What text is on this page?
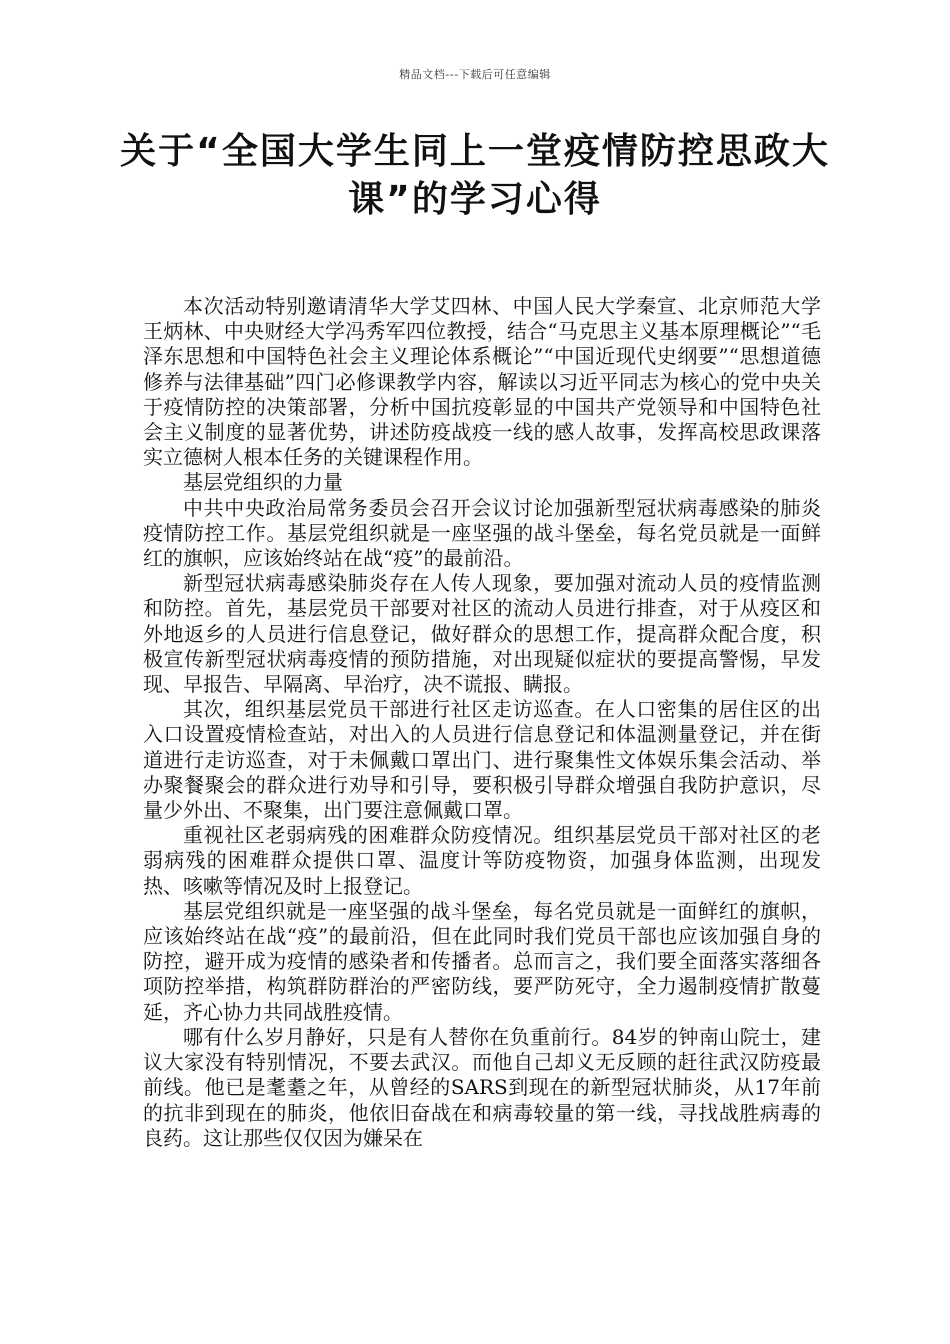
精品文档---下载后可任意编辑
关于“全国大学生同上一堂疫情防控思政大课”的学习心得

本次活动特别邀请清华大学艾四林、中国人民大学秦宣、北京师范大学王炳林、中央财经大学冯秀军四位教授，结合“马克思主义基本原理概论”“毛泽东思想和中国特色社会主义理论体系概论”“中国近现代史纲要”“思想道德修养与法律基础”四门必修课教学内容，解读以习近平同志为核心的党中央关于疫情防控的决策部署，分析中国抗疫彰显的中国共产党领导和中国特色社会主义制度的显著优势，讲述防疫战疫一线的感人故事，发挥高校思政课落实立德树人根本任务的关键课程作用。

基层党组织的力量

中共中央政治局常务委员会召开会议讨论加强新型冠状病毒感染的肺炎疫情防控工作。基层党组织就是一座坚强的战斗堡垒，每名党员就是一面鲜红的旗帜，应该始终站在战“疫”的最前沿。

新型冠状病毒感染肺炎存在人传人现象，要加强对流动人员的疫情监测和防控。首先，基层党员干部要对社区的流动人员进行排查，对于从疫区和外地返乡的人员进行信息登记，做好群众的思想工作，提高群众配合度，积极宣传新型冠状病毒疫情的预防措施，对出现疑似症状的要提高警惕，早发现、早报告、早隔离、早治疗，决不谎报、瞒报。

其次，组织基层党员干部进行社区走访巡查。在人口密集的居住区的出入口设置疫情检查站，对出入的人员进行信息登记和体温测量登记，并在街道进行走访巡查，对于未佩戴口罩出门、进行聚集性文体娱乐集会活动、举办聚餐聚会的群众进行劝导和引导，要积极引导群众增强自我防护意识，尽量少外出、不聚集，出门要注意佩戴口罩。

重视社区老弱病残的困难群众防疫情况。组织基层党员干部对社区的老弱病残的困难群众提供口罩、温度计等防疫物资，加强身体监测，出现发热、咳嗽等情况及时上报登记。

基层党组织就是一座坚强的战斗堡垒，每名党员就是一面鲜红的旗帜，应该始终站在战“疫”的最前沿，但在此同时我们党员干部也应该加强自身的防控，避开成为疫情的感染者和传播者。总而言之，我们要全面落实落细各项防控举措，构筑群防群治的严密防线，要严防死守，全力遏制疫情扩散蔓延，齐心协力共同战胜疫情。

哪有什么岁月静好，只是有人替你在负重前行。84岁的钟南山院士，建议大家没有特别情况，不要去武汉。而他自己却义无反顾的赶往武汉防疫最前线。他已是耄耋之年，从曾经的SARS到现在的新型冠状肺炎，从17年前的抗非到现在的肺炎，他依旧奋战在和病毒较量的第一线，寻找战胜病毒的良药。这让那些仅仅因为嫌呆在
